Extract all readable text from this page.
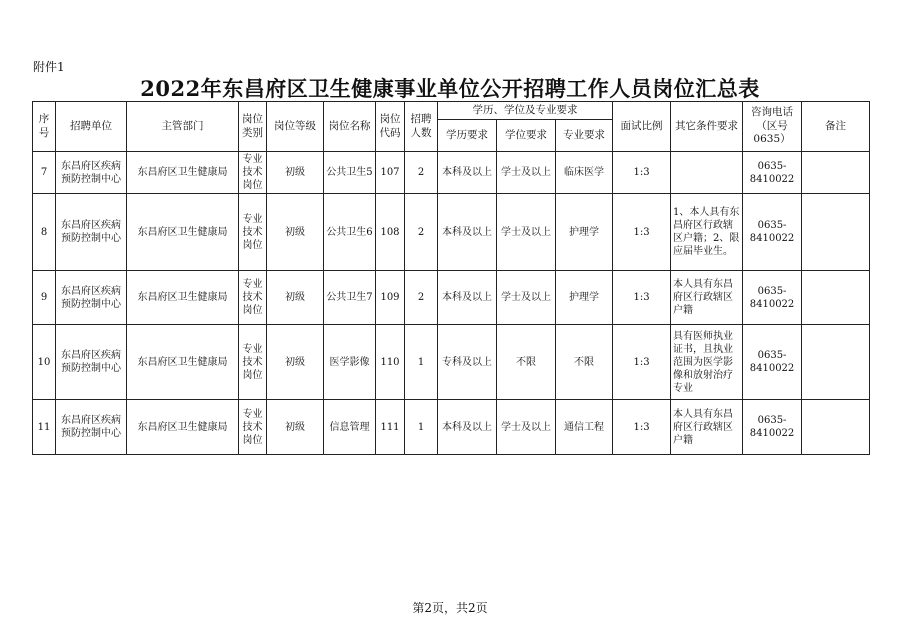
附件1
2022年东昌府区卫生健康事业单位公开招聘工作人员岗位汇总表
序号	招聘单位	主管部门	岗位类别	岗位等级	岗位名称	岗位代码	招聘人数	学历、学位及专业要求			面试比例	其它条件要求	咨询电话（区号0635）	备注
								学历要求	学位要求	专业要求				
7	东昌府区疾病预防控制中心	东昌府区卫生健康局	专业技术岗位	初级	公共卫生5	107	2	本科及以上	学士及以上	临床医学	1:3		0635-8410022	
8	东昌府区疾病预防控制中心	东昌府区卫生健康局	专业技术岗位	初级	公共卫生6	108	2	本科及以上	学士及以上	护理学	1:3	1、本人具有东昌府区行政辖区户籍；2、限应届毕业生。	0635-8410022	
9	东昌府区疾病预防控制中心	东昌府区卫生健康局	专业技术岗位	初级	公共卫生7	109	2	本科及以上	学士及以上	护理学	1:3	本人具有东昌府区行政辖区户籍	0635-8410022	
10	东昌府区疾病预防控制中心	东昌府区卫生健康局	专业技术岗位	初级	医学影像	110	1	专科及以上	不限	不限	1:3	具有医师执业证书，且执业范围为医学影像和放射治疗专业	0635-8410022	
11	东昌府区疾病预防控制中心	东昌府区卫生健康局	专业技术岗位	初级	信息管理	111	1	本科及以上	学士及以上	通信工程	1:3	本人具有东昌府区行政辖区户籍	0635-8410022	
第2页，共2页
